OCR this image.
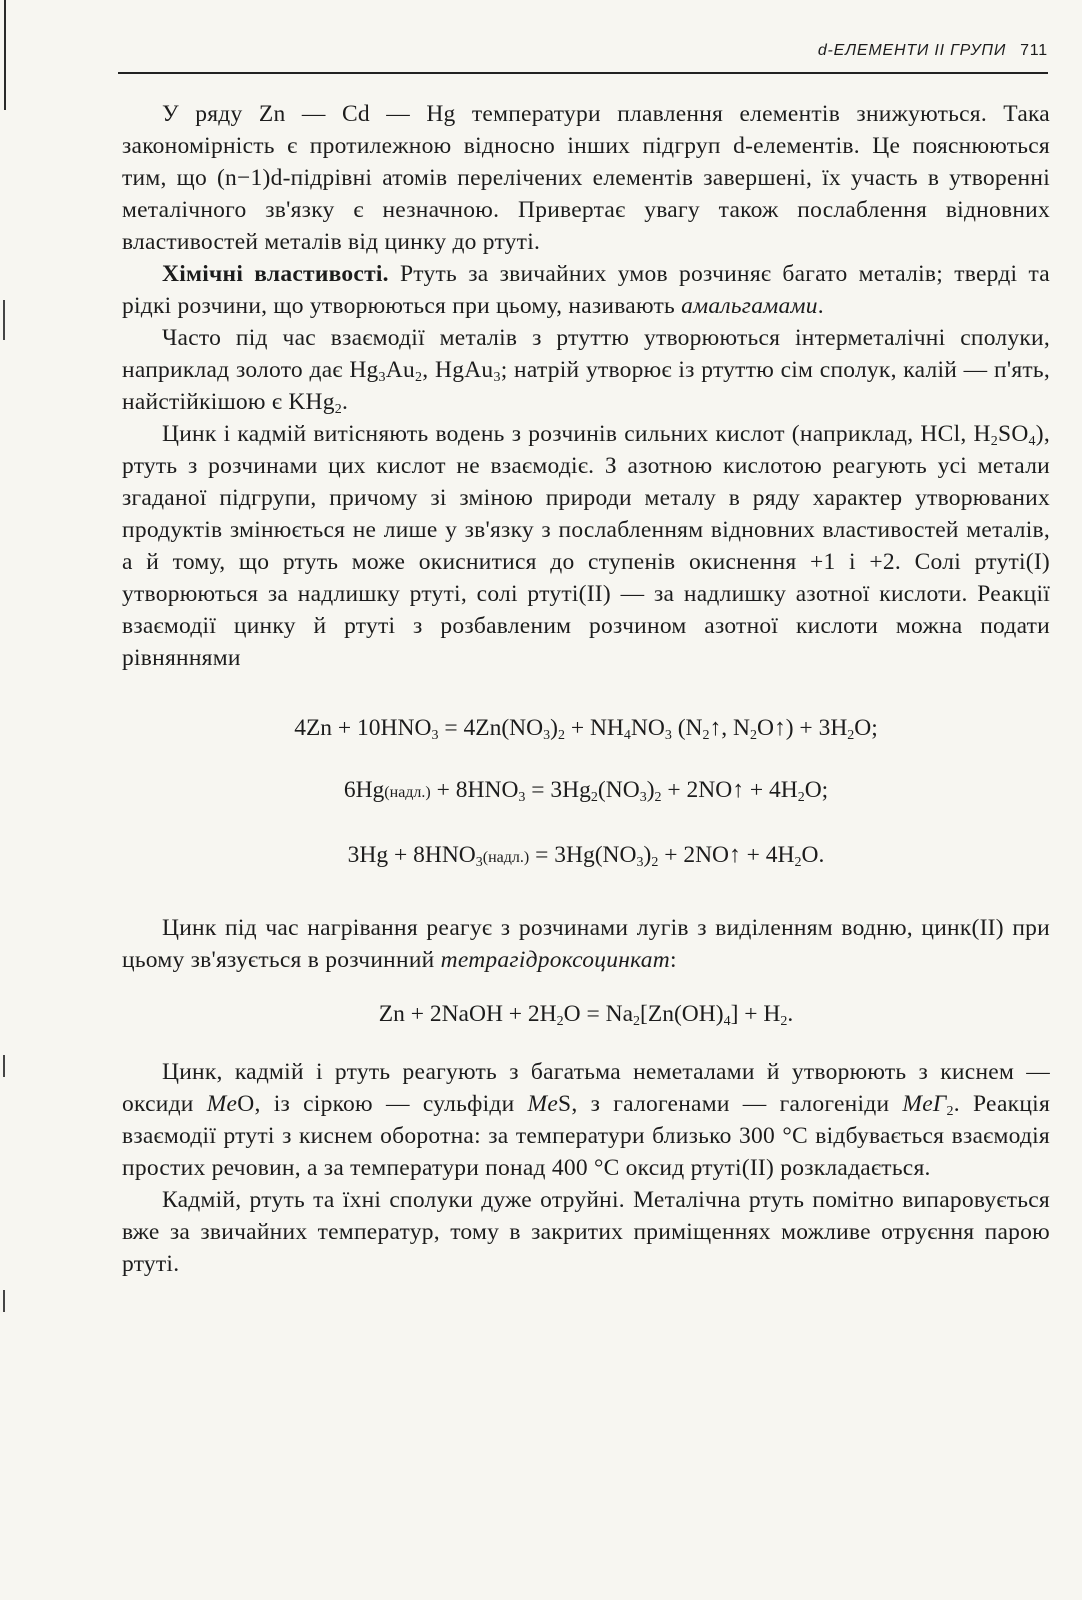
d-ЕЛЕМЕНТИ II ГРУПИ 711

У ряду Zn — Cd — Hg температури плавлення елементів знижуються. Така закономірність є протилежною відносно інших підгруп d-елементів. Це пояснюються тим, що (n−1)d-підрівні атомів перелічених елементів завершені, їх участь в утворенні металічного зв'язку є незначною. Привертає увагу також послаблення відновних властивостей металів від цинку до ртуті.

Хімічні властивості. Ртуть за звичайних умов розчиняє багато металів; тверді та рідкі розчини, що утворюються при цьому, називають амальгамами.

Часто під час взаємодії металів з ртуттю утворюються інтерметалічні сполуки, наприклад золото дає $Hg_3Au_2$, HgAu$_3$; натрій утворює із ртуттю сім сполук, калій — п'ять, найстійкішою є KHg$_2$.

Цинк і кадмій витісняють водень з розчинів сильних кислот (наприклад, HCl, $H_2SO_4$), ртуть з розчинами цих кислот не взаємодіє. З азотною кислотою реагують усі метали згаданої підгрупи, причому зі зміною природи металу в ряду характер утворюваних продуктів змінюється не лише у зв'язку з послабленням відновних властивостей металів, а й тому, що ртуть може окиснитися до ступенів окиснення +1 і +2. Солі ртуті(I) утворюються за надлишку ртуті, солі ртуті(II) — за надлишку азотної кислоти. Реакції взаємодії цинку й ртуті з розбавленим розчином азотної кислоти можна подати рівняннями

$4Zn + 10HNO_3 = 4Zn(NO_3)_2 + NH_4NO_3$ ($N_2↑$, $N_2O↑) + 3H_2O$;
6Hg(надл.) + $8HNO_3 = 3Hg_2(NO_3)_2$ + 2NO↑ + $4H_2O$;
$3Hg + 8HNO_3(надл.) = 3Hg(NO_3)_2$ + 2NO↑ + $4H_2O$.

Цинк під час нагрівання реагує з розчинами лугів з виділенням водню, цинк(II) при цьому зв'язується в розчинний тетрагідроксоцинкат:

Zn + 2NaOH + $2H_2O = Na_2[Zn(OH)_4] + H_2$.

Цинк, кадмій і ртуть реагують з багатьма неметалами й утворюють з киснем — оксиди MeO, із сіркою — сульфіди MeS, з галогенами — галогеніди MeГ$_2$. Реакція взаємодії ртуті з киснем оборотна: за температури близько 300 °C відбувається взаємодія простих речовин, а за температури понад 400 °C оксид ртуті(II) розкладається.

Кадмій, ртуть та їхні сполуки дуже отруйні. Металічна ртуть помітно випаровується вже за звичайних температур, тому в закритих приміщеннях можливе отруєння парою ртуті.
